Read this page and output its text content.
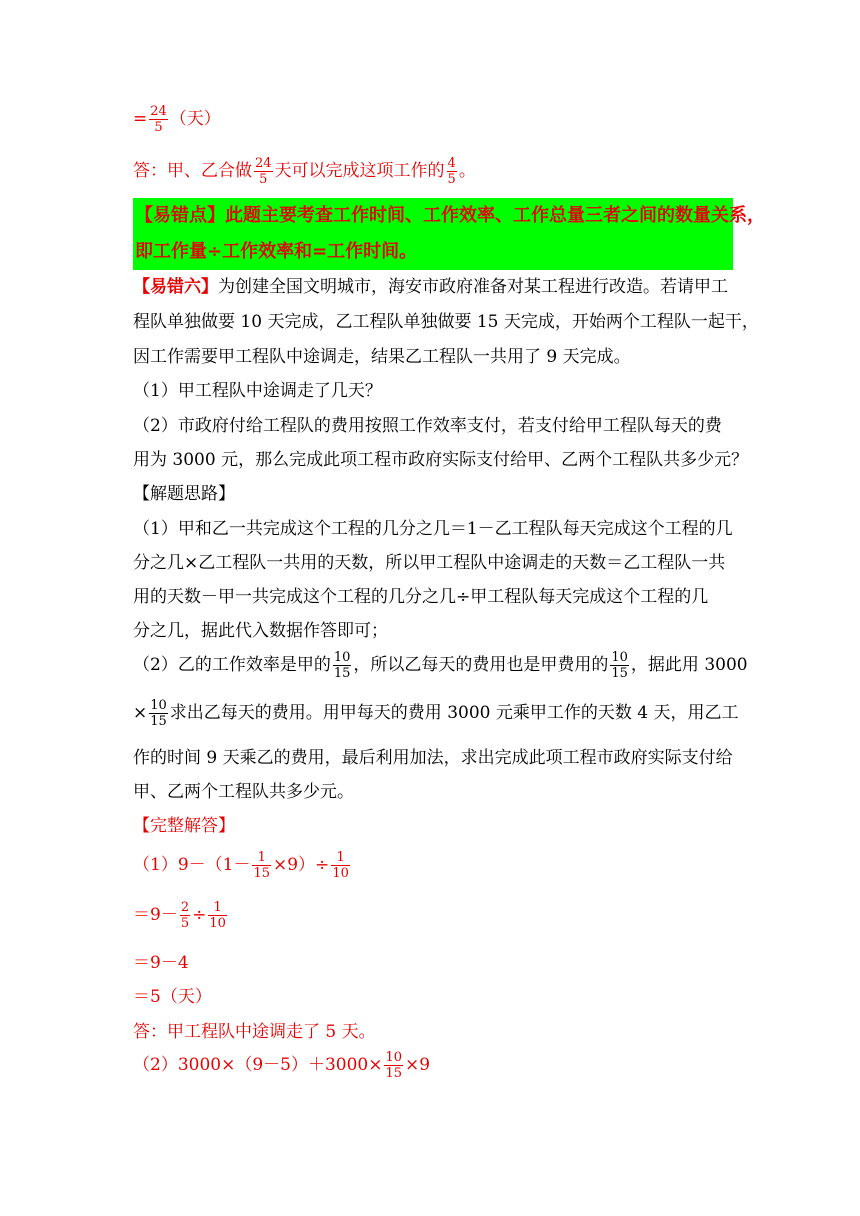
= $\frac{24}{5}$ （天）
答：甲、乙合做 $\frac{24}{5}$ 天可以完成这项工作的 $\frac{4}{5}$ 。
【易错点】此题主要考查工作时间、工作效率、工作总量三者之间的数量关系，
即工作量÷工作效率和=工作时间。
【易错六】为创建全国文明城市，海安市政府准备对某工程进行改造。若请甲工
程队单独做要 10 天完成，乙工程队单独做要 15 天完成，开始两个工程队一起干，
因工作需要甲工程队中途调走，结果乙工程队一共用了 9 天完成。
（1）甲工程队中途调走了几天？
（2）市政府付给工程队的费用按照工作效率支付，若支付给甲工程队每天的费
用为 3000 元，那么完成此项工程市政府实际支付给甲、乙两个工程队共多少元？
【解题思路】
（1）甲和乙一共完成这个工程的几分之几＝1－乙工程队每天完成这个工程的几
分之几×乙工程队一共用的天数，所以甲工程队中途调走的天数＝乙工程队一共
用的天数－甲一共完成这个工程的几分之几÷甲工程队每天完成这个工程的几
分之几，据此代入数据作答即可；
（2）乙的工作效率是甲的 $\frac{10}{15}$ ，所以乙每天的费用也是甲费用的 $\frac{10}{15}$ ，据此用 3000
× $\frac{10}{15}$ 求出乙每天的费用。用甲每天的费用 3000 元乘甲工作的天数 4 天，用乙工
作的时间 9 天乘乙的费用，最后利用加法，求出完成此项工程市政府实际支付给
甲、乙两个工程队共多少元。
【完整解答】
$(1)9-(1- \frac{1}{15} \times 9)\div \frac{1}{10}$
$=9- \frac{2}{5} \div \frac{1}{10}$
＝9－4
＝5（天）
答：甲工程队中途调走了 5 天。
$(2)3000\times(9-5)+3000\times \frac{10}{15} \times 9$
